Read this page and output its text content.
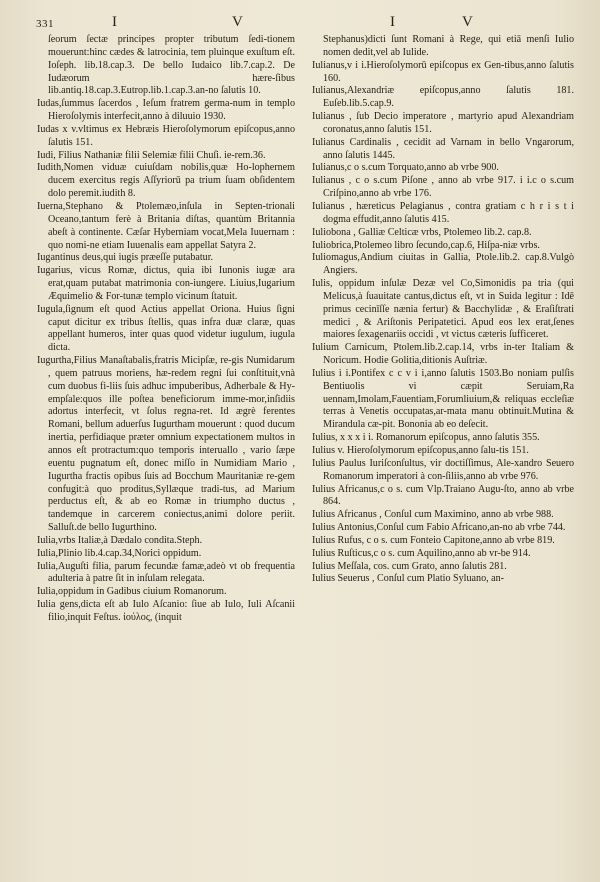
331	I	V	I	V

ſeorum ſectæ principes propter tributum ſedi-tionem mouerunt:hinc cædes & latrocinia, tem pluinque exuſtum eſt. Ioſeph. lib.18.cap.3. De bello Iudaico lib.7.cap.2. De Iudæorum hære-ſibus lib.antiq.18.cap.3.Eutrop.lib.1.cap.3.an-no ſalutis 10.

Iudas,ſummus ſacerdos , Ieſum fratrem germa-num in templo Hieroſolymis interfecit,anno à diluuio 1930.

Iudas x v.vltimus ex Hebræis Hieroſolymorum epiſcopus,anno ſalutis 151.

Iudi, Filius Nathaniæ filii Selemiæ filii Chuſi. ie-rem.36.

Iudith,Nomen viduæ cuiuſdam nobilis,quæ Ho-lophernem ducem exercitus regis Aſſyriorū pa trium ſuam obſidentem dolo peremit.iudith 8.

Iuerna,Stephano & Ptolemæo,inſula in Septen-trionali Oceano,tantum ferè à Britania diſtas, quantùm Britannia abeſt à continente. Cæſar Hyberniam vocat,Mela Iuuernam : quo nomi-ne etiam Iuuenalis eam appellat Satyra 2.

Iugantinus deus,qui iugis præeſſe putabatur.

Iugarius, vicus Romæ, dictus, quia ibi Iunonis iugæ ara erat,quam putabat matrimonia con-iungere. Liuius,Iugarium Æquimelio & For-tunæ templo vicinum ſtatuit.

Iugula,ſignum eſt quod Actius appellat Oriona. Huius ſigni caput dicitur ex tribus ſtellis, quas infra duæ claræ, quas appellant humeros, inter quas quod videtur iugulum, iugula dicta.

Iugurtha,Filius Manaſtabalis,fratris Micipſæ, re-gis Numidarum , quem patruus moriens, hæ-redem regni ſui conſtituit,vnà cum duobus fi-liis ſuis adhuc impuberibus, Adherbale & Hy-empſale:quos ille poſtea beneficiorum imme-mor,inſidiis adortus interfecit, vt ſolus regna-ret. Id ægrè ferentes Romani, bellum aduerſus Iugurtham mouerunt : quod ducum inertia, perfidiaque præter omnium expectationem multos in annos eſt protractum:quo temporis interuallo , vario ſæpe euentu pugnatum eſt, donec miſſo in Numidiam Mario , Iugurtha fractis opibus ſuis ad Bocchum Mauritaniæ re-gem confugit:à quo proditus,Syllæque tradi-tus, ad Marium perductus eſt, & ab eo Romæ in triumpho ductus , tandemque in carcerem coniectus,animi dolore periit. Salluſt.de bello Iugurthino.

Iulia,vrbs Italiæ,à Dædalo condita.Steph.

Iulia,Plinio lib.4.cap.34,Norici oppidum.

Iulia,Auguſti filia, parum fecundæ famæ,adeò vt ob frequentia adulteria à patre ſit in inſulam relegata.

Iulia,oppidum in Gadibus ciuium Romanorum.

Iulia gens,dicta eſt ab Iulo Aſcanio: ſiue ab Iulo, Iuli Aſcanii filio,inquit Feſtus. ἰούλος, (inquit

Stephanus)dicti ſunt Romani à Rege, qui etiā menſi Iulio nomen dedit,vel ab Iulide.

Iulianus,v i i.Hieroſolymorū epiſcopus ex Gen-tibus,anno ſalutis 160.

Iulianus,Alexandriæ epiſcopus,anno ſalutis 181. Euſeb.lib.5.cap.9.

Iulianus , ſub Decio imperatore , martyrio apud Alexandriam coronatus,anno ſalutis 151.

Iulianus Cardinalis , cecidit ad Varnam in bello Vngarorum, anno ſalutis 1445.

Iulianus,c o s.cum Torquato,anno ab vrbe 900.

Iulianus , c o s.cum Piſone , anno ab vrbe 917. i i.c o s.cum Criſpino,anno ab vrbe 176.

Iulianus , hæreticus Pelagianus , contra gratiam c h r i s t i dogma effudit,anno ſalutis 415.

Iuliobona , Galliæ Celticæ vrbs, Ptolemeo lib.2. cap.8.

Iuliobrica,Ptolemeo libro ſecundo,cap.6, Hiſpa-niæ vrbs.

Iuliomagus,Andium ciuitas in Gallia, Ptole.lib.2. cap.8.Vulgò Angiers.

Iulis, oppidum inſulæ Dezæ vel Co,Simonidis pa tria (qui Melicus,à ſuauitate cantus,dictus eſt, vt in Suida legitur : Idē primus cecinīſſe nænia fertur) & Bacchylidæ , & Eraſiſtrati medici , & Ariſtonis Peripatetici. Apud eos lex erat,ſenes maiores ſexagenariis occidi , vt victus cæteris ſufficeret.

Iulium Carnicum, Ptolem.lib.2.cap.14, vrbs in-ter Italiam & Noricum. Hodie Golitia,ditionis Auſtriæ.

Iulius i i.Pontifex c c v i i,anno ſalutis 1503.Bo noniam pulſis Bentiuolis vi cæpit Seruiam,Ra uennam,Imolam,Fauentiam,Forumliuium,& reliquas eccleſiæ terras à Venetis occupatas,ar-mata manu obtinuit.Mutina & Mirandula cæ-pit. Bononia ab eo deſecit.

Iulius, x x x i i. Romanorum epiſcopus, anno ſalutis 355.

Iulius v. Hieroſolymorum epiſcopus,anno ſalu-tis 151.

Iulius Paulus Iuriſconſultus, vir doctiſſimus, Ale-xandro Seuero Romanorum imperatori à con-ſiliis,anno ab vrbe 976.

Iulius Africanus,c o s. cum Vlp.Traiano Augu-ſto, anno ab vrbe 864.

Iulius Africanus , Conſul cum Maximino, anno ab vrbe 988.

Iulius Antonius,Conſul cum Fabio Africano,an-no ab vrbe 744.

Iulius Rufus, c o s. cum Fonteio Capitone,anno ab vrbe 819.

Iulius Ruſticus,c o s. cum Aquilino,anno ab vr-be 914.

Iulius Meſſala, cos. cum Grato, anno ſalutis 281.

Iulius Seuerus , Conſul cum Platio Syluano, an-
